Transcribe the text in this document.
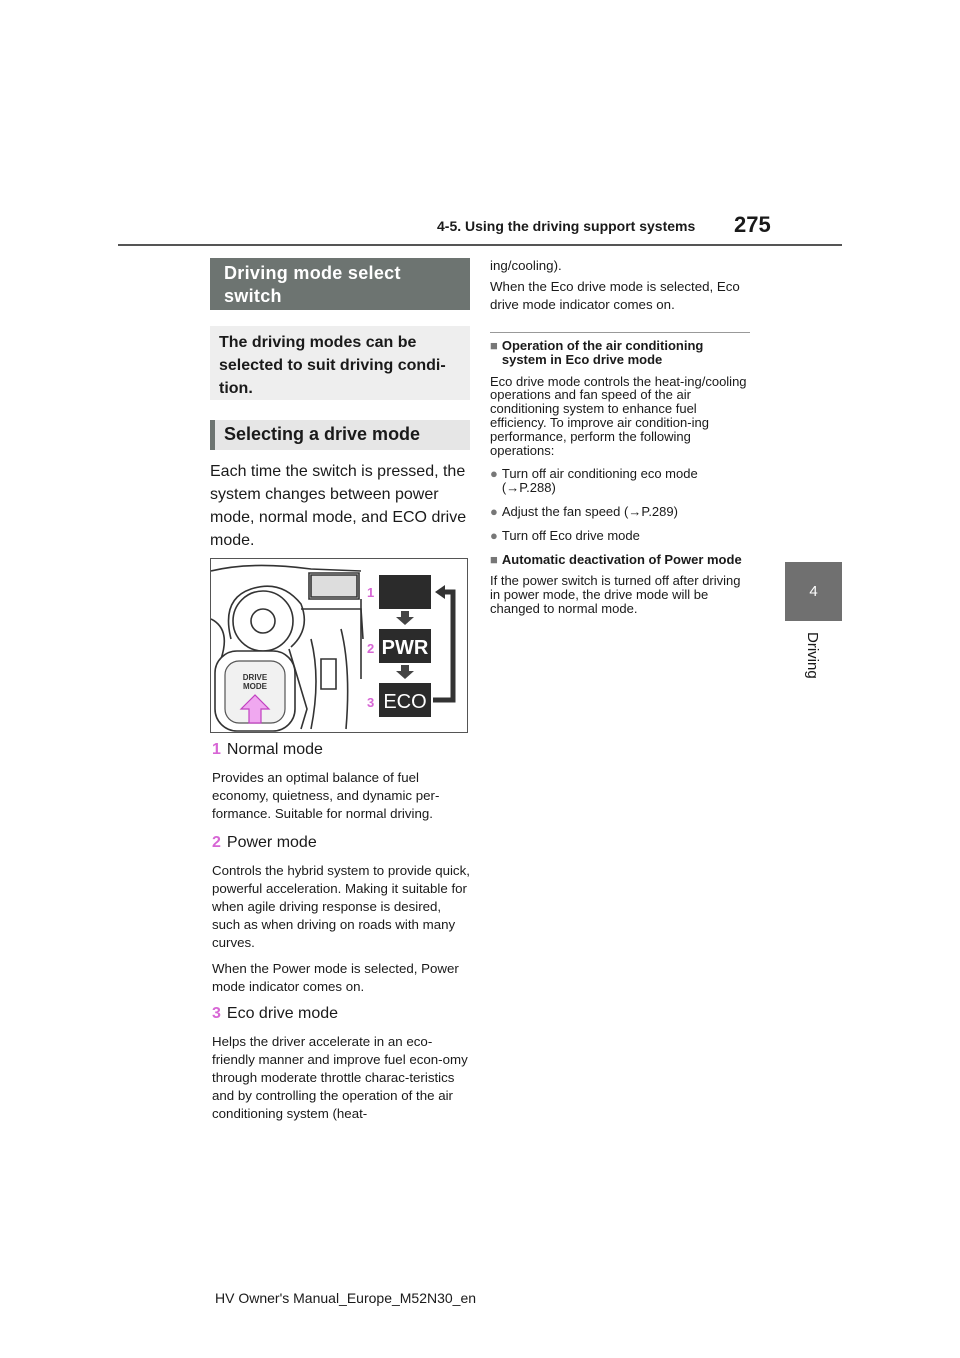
4-5. Using the driving support systems 275
4
Driving
Driving mode select switch
The driving modes can be selected to suit driving condi-tion.
Selecting a drive mode
Each time the switch is pressed, the system changes between power mode, normal mode, and ECO drive mode.
DRIVE
MODE
1
2
3
PWR
ECO
1 Normal mode
Provides an optimal balance of fuel economy, quietness, and dynamic per-formance. Suitable for normal driving.
2 Power mode
Controls the hybrid system to provide quick, powerful acceleration. Making it suitable for when agile driving response is desired, such as when driving on roads with many curves.
When the Power mode is selected, Power mode indicator comes on.
3 Eco drive mode
Helps the driver accelerate in an eco-friendly manner and improve fuel econ-omy through moderate throttle charac-teristics and by controlling the operation of the air conditioning system (heat-
ing/cooling).
When the Eco drive mode is selected, Eco drive mode indicator comes on.
■ Operation of the air conditioning system in Eco drive mode
Eco drive mode controls the heat-ing/cooling operations and fan speed of the air conditioning system to enhance fuel efficiency. To improve air condition-ing performance, perform the following operations:
● Turn off air conditioning eco mode (→P.288)
● Adjust the fan speed (→P.289)
● Turn off Eco drive mode
■ Automatic deactivation of Power mode
If the power switch is turned off after driving in power mode, the drive mode will be changed to normal mode.
HV Owner's Manual_Europe_M52N30_en
